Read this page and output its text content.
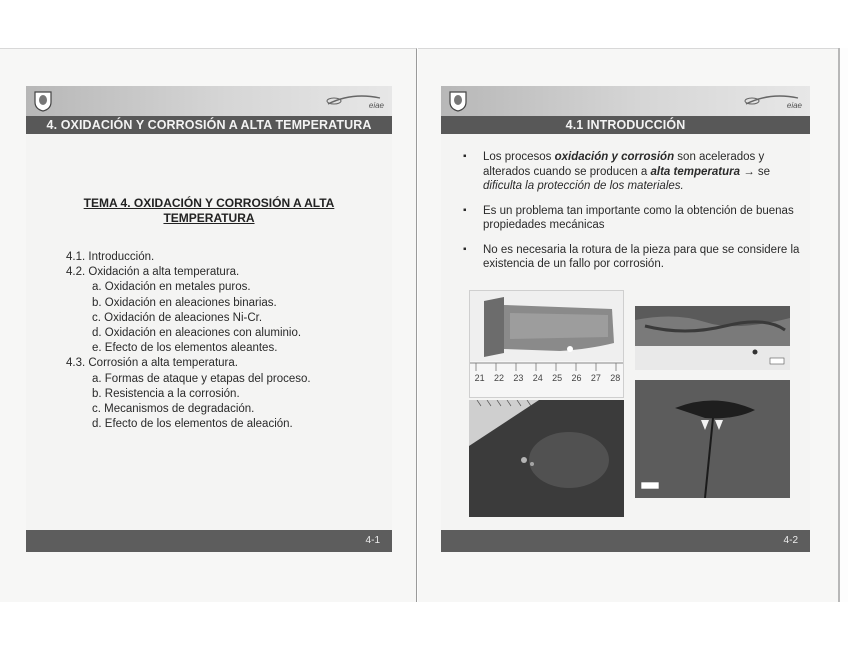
eiae
4. OXIDACIÓN Y CORROSIÓN A ALTA TEMPERATURA
TEMA 4. OXIDACIÓN Y CORROSIÓN A ALTA
TEMPERATURA
4.1. Introducción.
4.2. Oxidación a alta temperatura.
a. Oxidación en metales puros.
b. Oxidación en aleaciones binarias.
c. Oxidación de aleaciones Ni-Cr.
d. Oxidación en aleaciones con aluminio.
e. Efecto de los elementos aleantes.
4.3. Corrosión a alta temperatura.
a. Formas de ataque y etapas del proceso.
b. Resistencia a la corrosión.
c. Mecanismos de degradación.
d. Efecto de los elementos de aleación.
4-1
eiae
4.1 INTRODUCCIÓN
▪ Los procesos oxidación y corrosión son acelerados y alterados cuando se producen a alta temperatura → se dificulta la protección de los materiales.
▪ Es un problema tan importante como la obtención de buenas propiedades mecánicas
▪ No es necesaria la rotura de la pieza para que se considere la existencia de un fallo por corrosión.
21 22 23 24 25 26 27 28
4-2
